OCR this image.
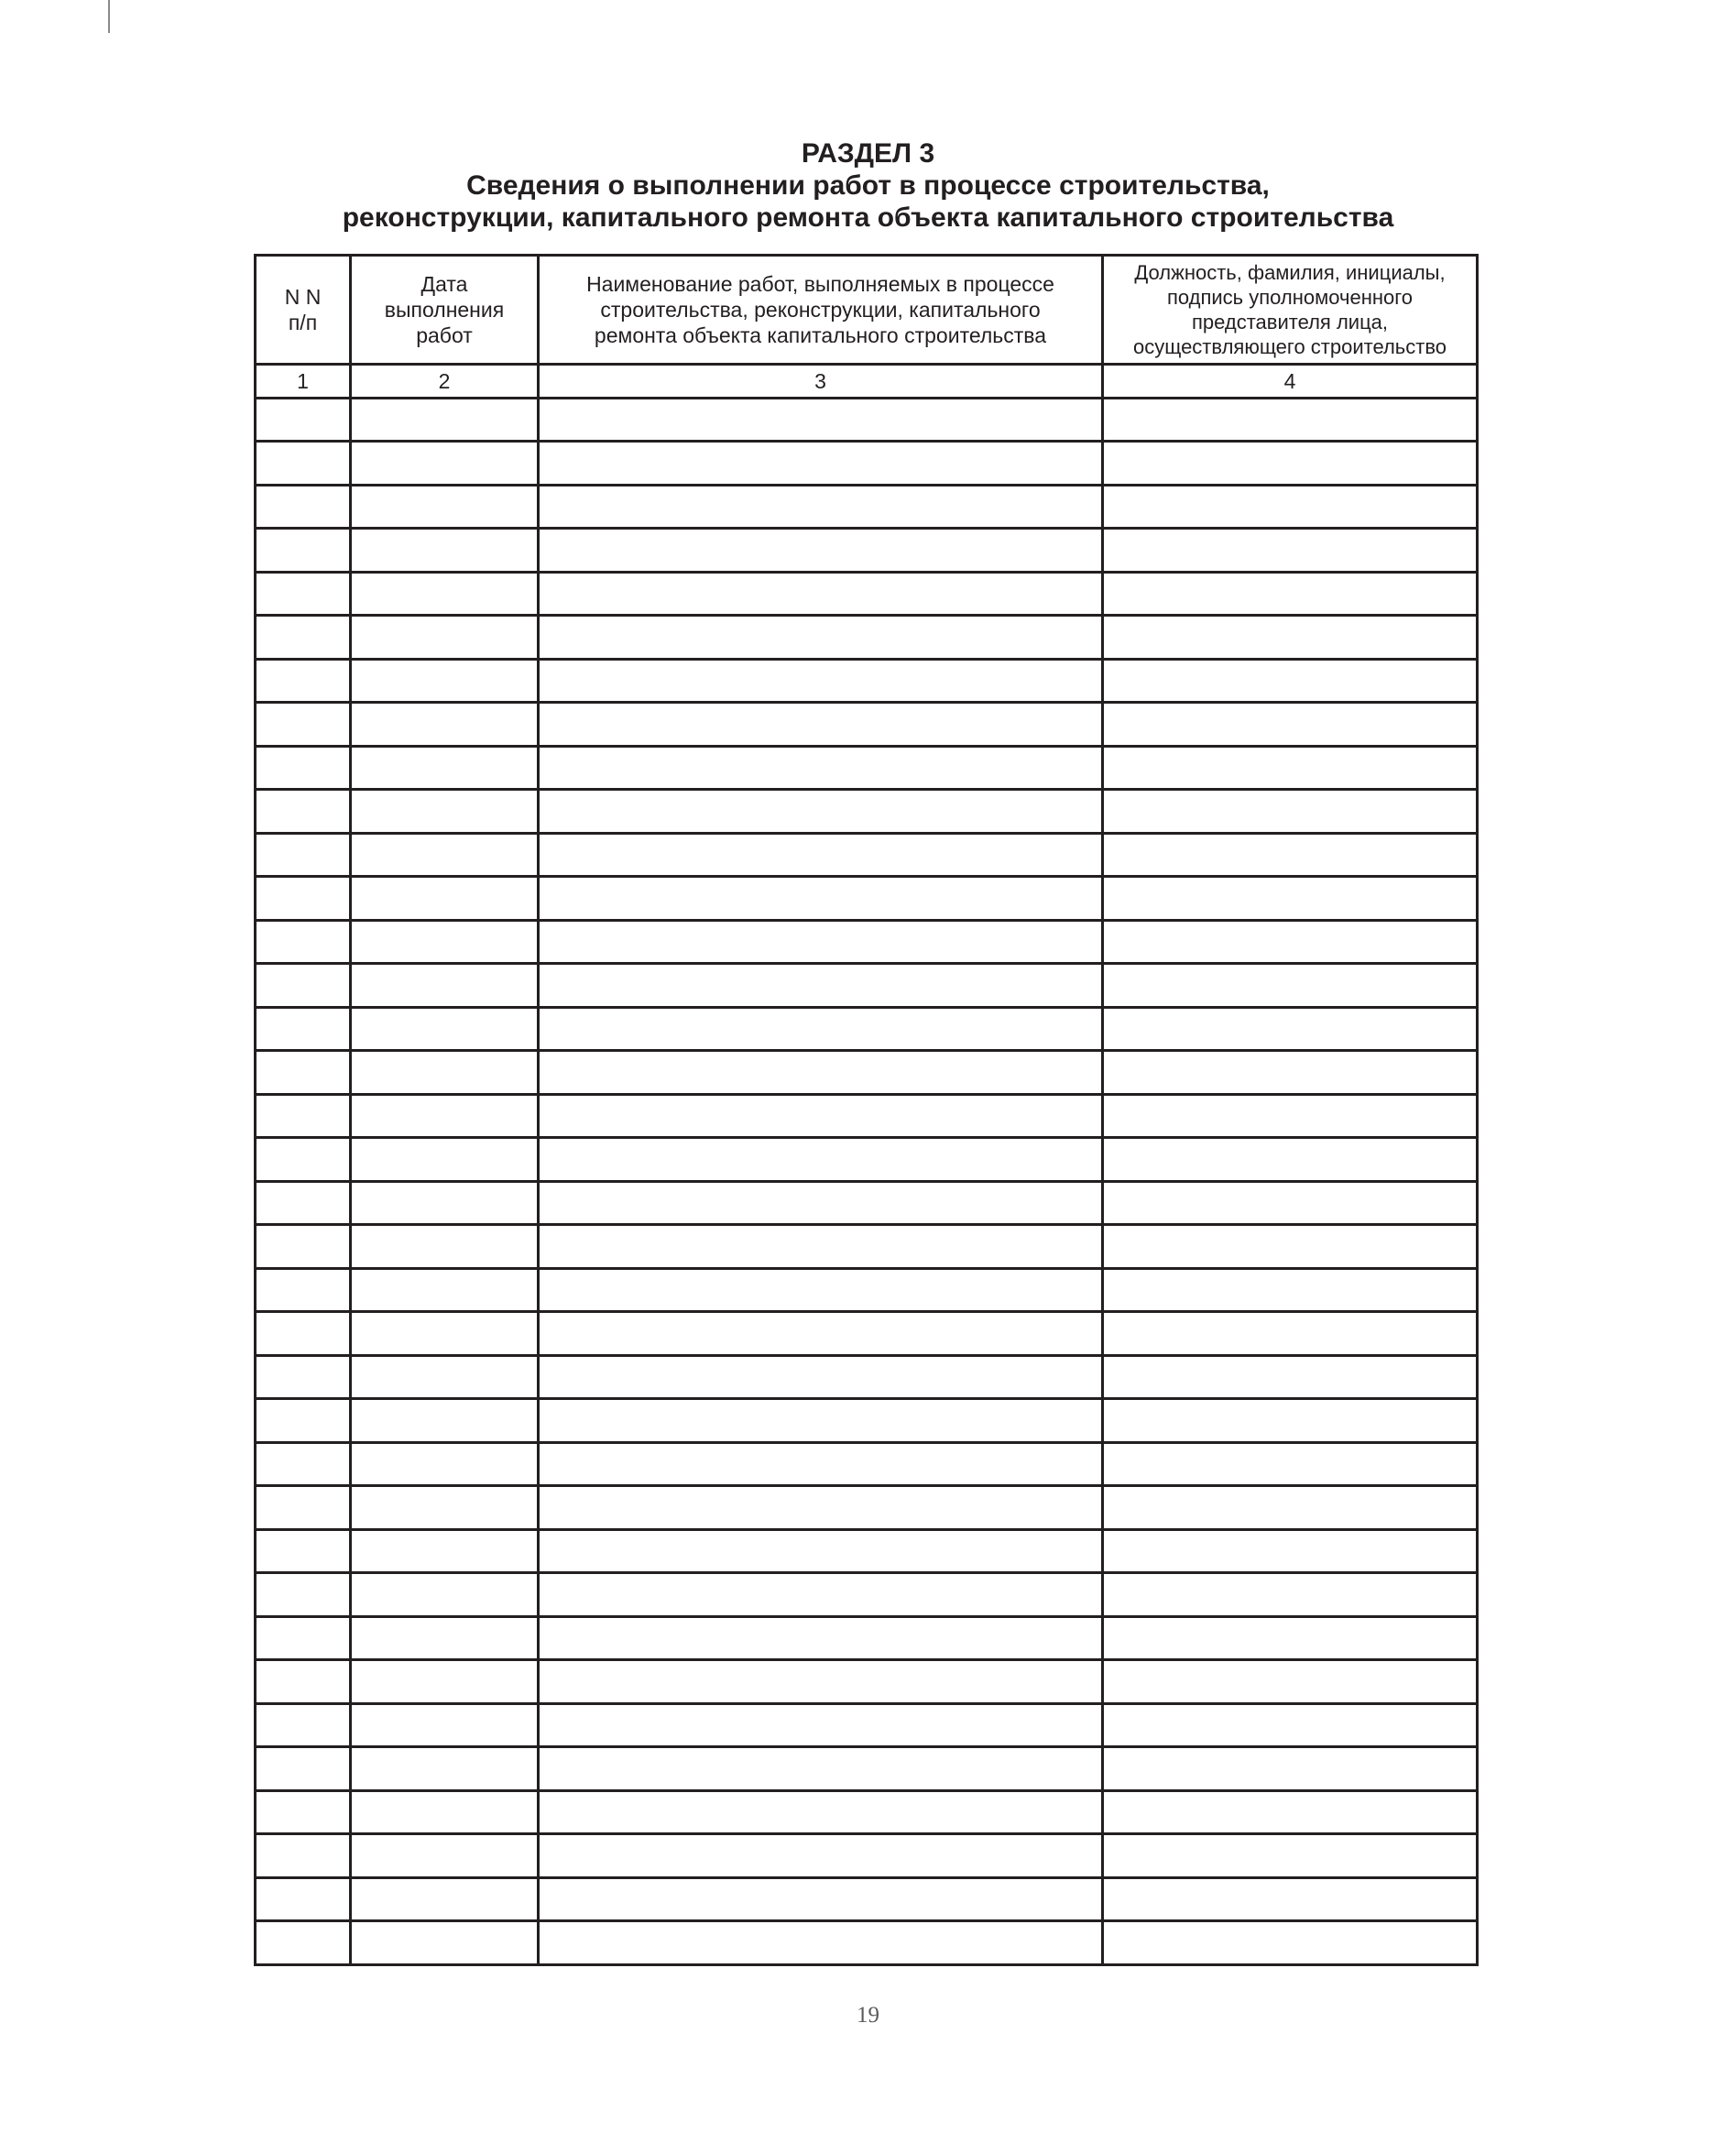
РАЗДЕЛ 3
Сведения о выполнении работ в процессе строительства,
реконструкции, капитального ремонта объекта капитального строительства
N N п/п	Дата выполнения работ	Наименование работ, выполняемых в процессе строительства, реконструкции, капитального ремонта объекта капитального строительства	Должность, фамилия, инициалы, подпись уполномоченного представителя лица, осуществляющего строительство
1	2	3	4

19
